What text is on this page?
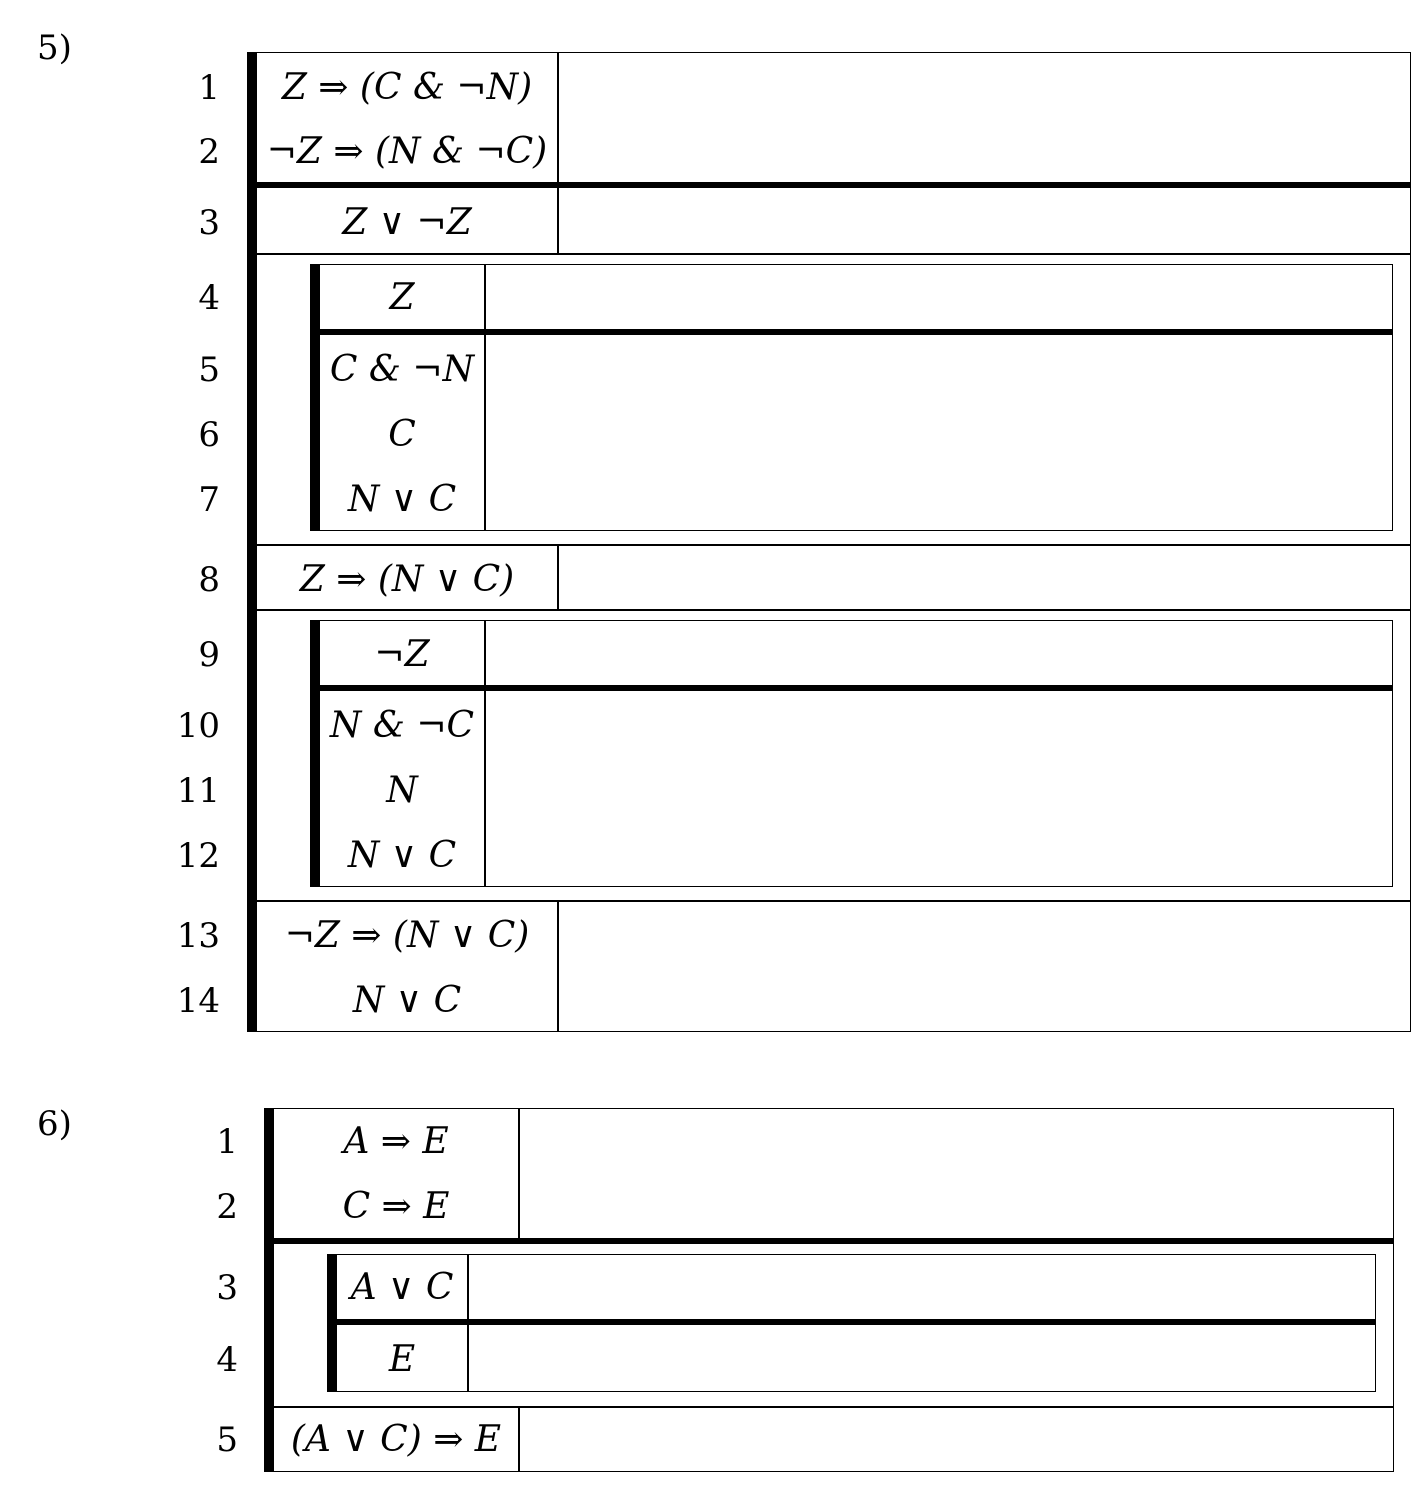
5)
1
2
3
4
5
6
7
8
9
10
11
12
13
14
Z ⇒ (C & ¬N)
¬Z ⇒ (N & ¬C)
Z ∨ ¬Z
Z
C & ¬N
C
N ∨ C
Z ⇒ (N ∨ C)
¬Z
N & ¬C
N
N ∨ C
¬Z ⇒ (N ∨ C)
N ∨ C
6)	1
2
3
4
5
A ⇒ E
C ⇒ E
A ∨ C
E
(A ∨ C) ⇒ E
